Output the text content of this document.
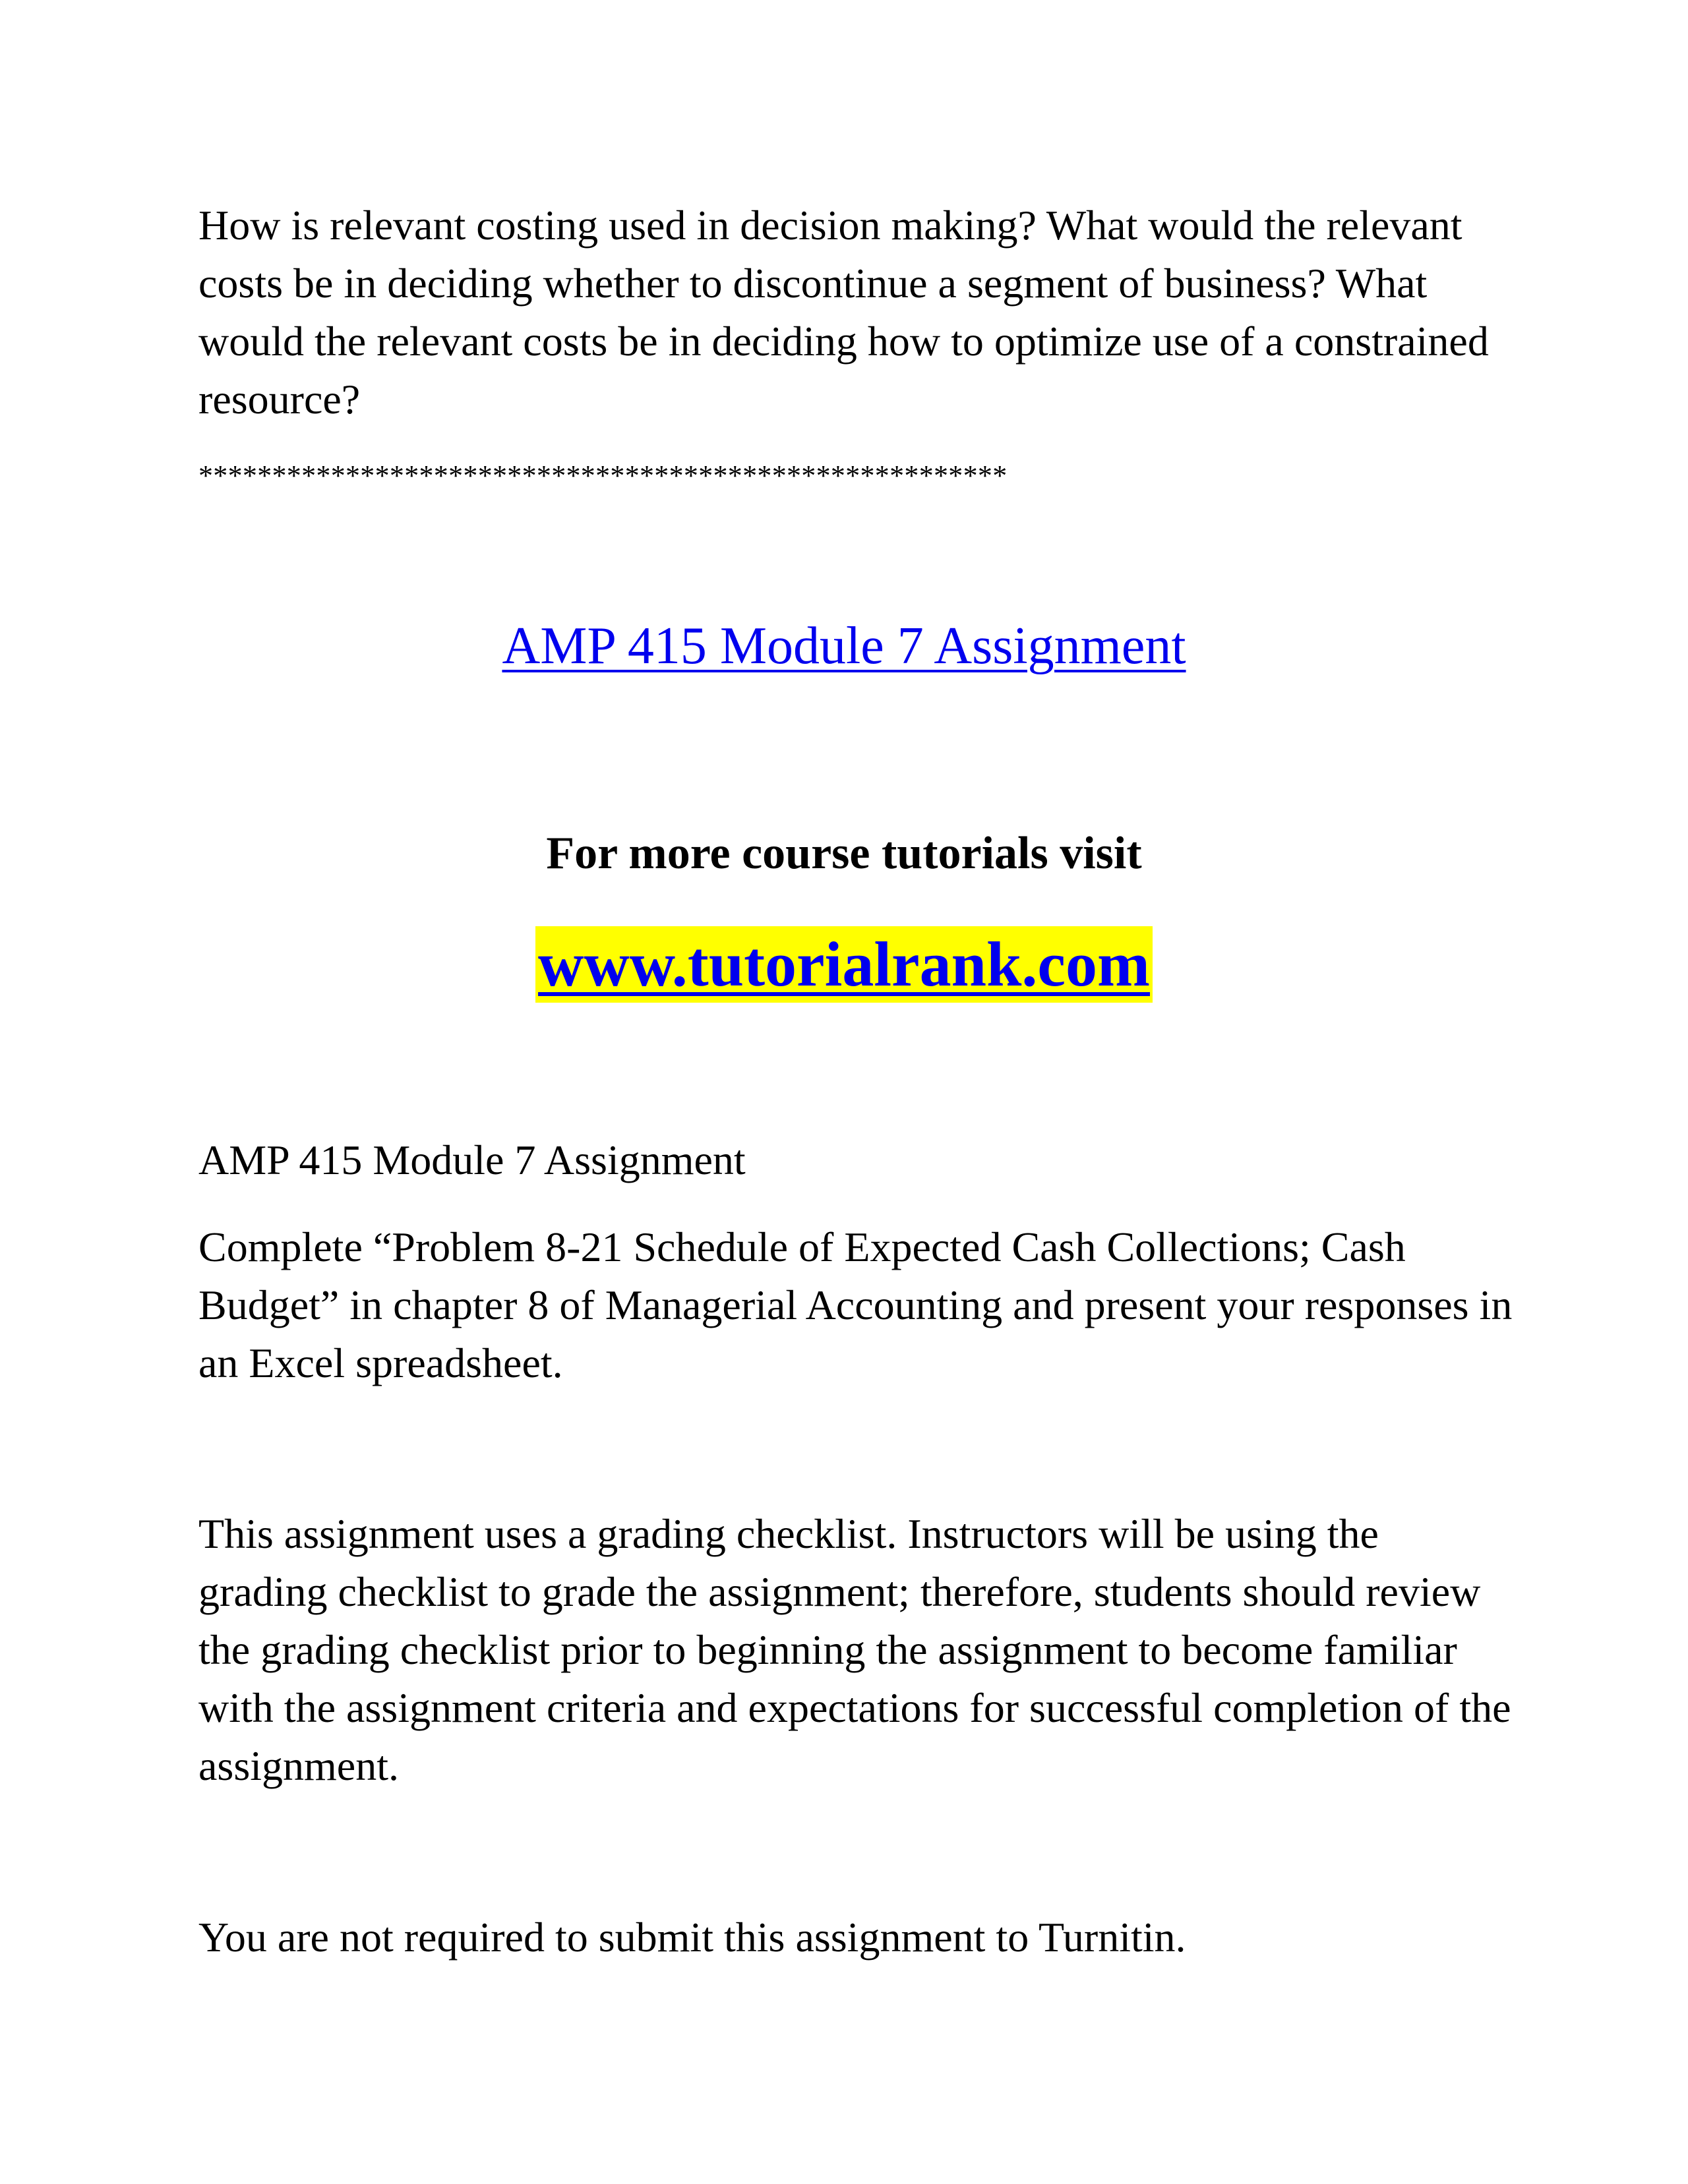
How is relevant costing used in decision making? What would the relevant costs be in deciding whether to discontinue a segment of business? What would the relevant costs be in deciding how to optimize use of a constrained resource?

*******************************************************

AMP 415 Module 7 Assignment
For more course tutorials visit
www.tutorialrank.com

AMP 415 Module 7 Assignment

Complete “Problem 8-21 Schedule of Expected Cash Collections; Cash Budget” in chapter 8 of Managerial Accounting and present your responses in an Excel spreadsheet.

This assignment uses a grading checklist. Instructors will be using the grading checklist to grade the assignment; therefore, students should review the grading checklist prior to beginning the assignment to become familiar with the assignment criteria and expectations for successful completion of the assignment.

You are not required to submit this assignment to Turnitin.
